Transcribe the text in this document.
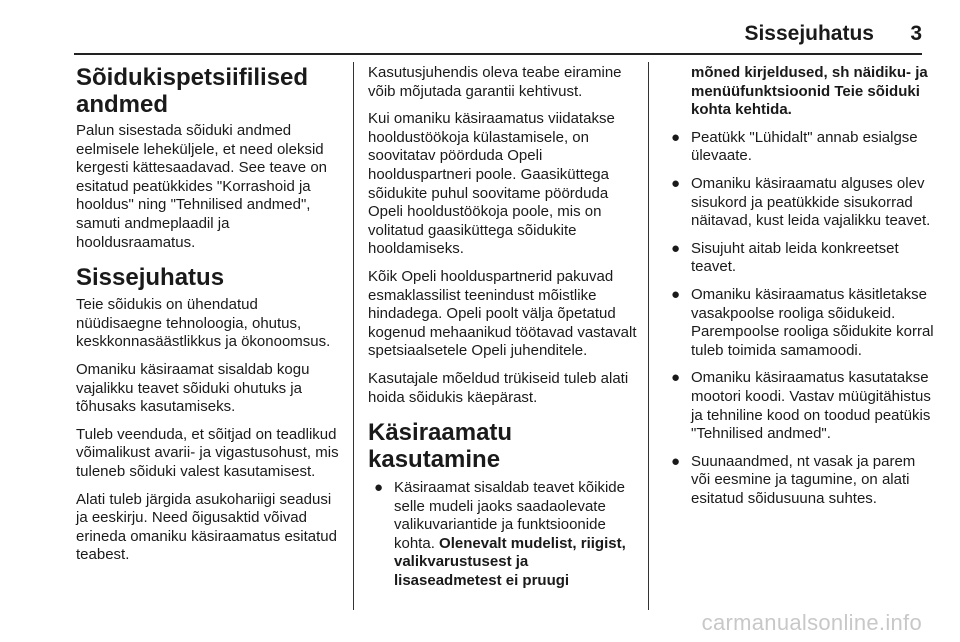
Sissejuhatus 3
Sõidukispetsiifilised andmed

Palun sisestada sõiduki andmed eelmisele leheküljele, et need oleksid kergesti kättesaadavad. See teave on esitatud peatükkides "Korrashoid ja hooldus" ning "Tehnilised andmed", samuti andmeplaadil ja hooldusraamatus.

Sissejuhatus

Teie sõidukis on ühendatud nüüdisaegne tehnoloogia, ohutus, keskkonnasäästlikkus ja ökonoomsus.

Omaniku käsiraamat sisaldab kogu vajalikku teavet sõiduki ohutuks ja tõhusaks kasutamiseks.

Tuleb veenduda, et sõitjad on teadlikud võimalikust avarii- ja vigastusohust, mis tuleneb sõiduki valest kasutamisest.

Alati tuleb järgida asukohariigi seadusi ja eeskirju. Need õigusaktid võivad erineda omaniku käsiraamatus esitatud teabest.

Kasutusjuhendis oleva teabe eiramine võib mõjutada garantii kehtivust.

Kui omaniku käsiraamatus viidatakse hooldustöökoja külastamisele, on soovitatav pöörduda Opeli hoolduspartneri poole. Gaasiküttega sõidukite puhul soovitame pöörduda Opeli hooldustöökoja poole, mis on volitatud gaasiküttega sõidukite hooldamiseks.

Kõik Opeli hoolduspartnerid pakuvad esmaklassilist teenindust mõistlike hindadega. Opeli poolt välja õpetatud kogenud mehaanikud töötavad vastavalt spetsiaalsetele Opeli juhenditele.

Kasutajale mõeldud trükiseid tuleb alati hoida sõidukis käepärast.

Käsiraamatu kasutamine
● Käsiraamat sisaldab teavet kõikide selle mudeli jaoks saadaolevate valikuvariantide ja funktsioonide kohta. Olenevalt mudelist, riigist, valikvarustusest ja lisaseadmetest ei pruugi

mõned kirjeldused, sh näidiku- ja menüüfunktsioonid Teie sõiduki kohta kehtida.

● Peatükk "Lühidalt" annab esialgse ülevaate.
● Omaniku käsiraamatu alguses olev sisukord ja peatükkide sisukorrad näitavad, kust leida vajalikku teavet.
● Sisujuht aitab leida konkreetset teavet.
● Omaniku käsiraamatus käsitletakse vasakpoolse rooliga sõidukeid. Parempoolse rooliga sõidukite korral tuleb toimida samamoodi.
● Omaniku käsiraamatus kasutatakse mootori koodi. Vastav müügitähistus ja tehniline kood on toodud peatükis "Tehnilised andmed".
● Suunaandmed, nt vasak ja parem või eesmine ja tagumine, on alati esitatud sõidusuuna suhtes.
carmanualsonline.info
